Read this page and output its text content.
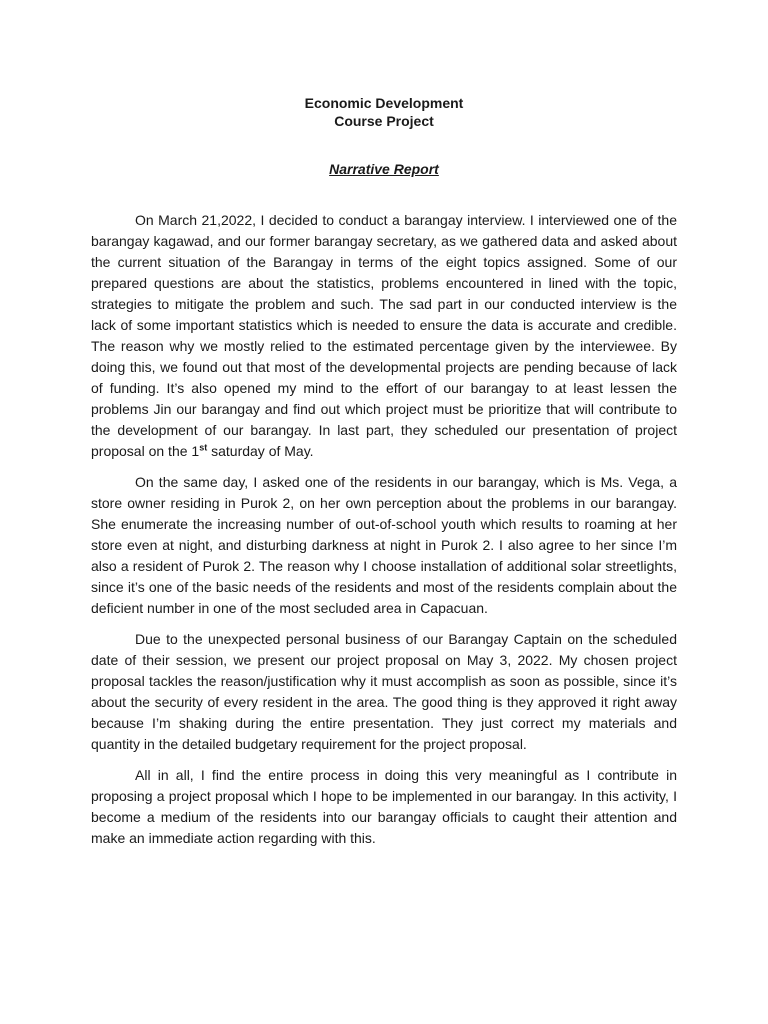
Economic Development
Course Project
Narrative Report

On March 21,2022, I decided to conduct a barangay interview. I interviewed one of the barangay kagawad, and our former barangay secretary, as we gathered data and asked about the current situation of the Barangay in terms of the eight topics assigned. Some of our prepared questions are about the statistics, problems encountered in lined with the topic, strategies to mitigate the problem and such. The sad part in our conducted interview is the lack of some important statistics which is needed to ensure the data is accurate and credible. The reason why we mostly relied to the estimated percentage given by the interviewee. By doing this, we found out that most of the developmental projects are pending because of lack of funding. It’s also opened my mind to the effort of our barangay to at least lessen the problems Jin our barangay and find out which project must be prioritize that will contribute to the development of our barangay. In last part, they scheduled our presentation of project proposal on the 1st saturday of May.

On the same day, I asked one of the residents in our barangay, which is Ms. Vega, a store owner residing in Purok 2, on her own perception about the problems in our barangay. She enumerate the increasing number of out-of-school youth which results to roaming at her store even at night, and disturbing darkness at night in Purok 2. I also agree to her since I’m also a resident of Purok 2. The reason why I choose installation of additional solar streetlights, since it’s one of the basic needs of the residents and most of the residents complain about the deficient number in one of the most secluded area in Capacuan.

Due to the unexpected personal business of our Barangay Captain on the scheduled date of their session, we present our project proposal on May 3, 2022. My chosen project proposal tackles the reason/justification why it must accomplish as soon as possible, since it’s about the security of every resident in the area. The good thing is they approved it right away because I’m shaking during the entire presentation. They just correct my materials and quantity in the detailed budgetary requirement for the project proposal.

All in all, I find the entire process in doing this very meaningful as I contribute in proposing a project proposal which I hope to be implemented in our barangay. In this activity, I become a medium of the residents into our barangay officials to caught their attention and make an immediate action regarding with this.
